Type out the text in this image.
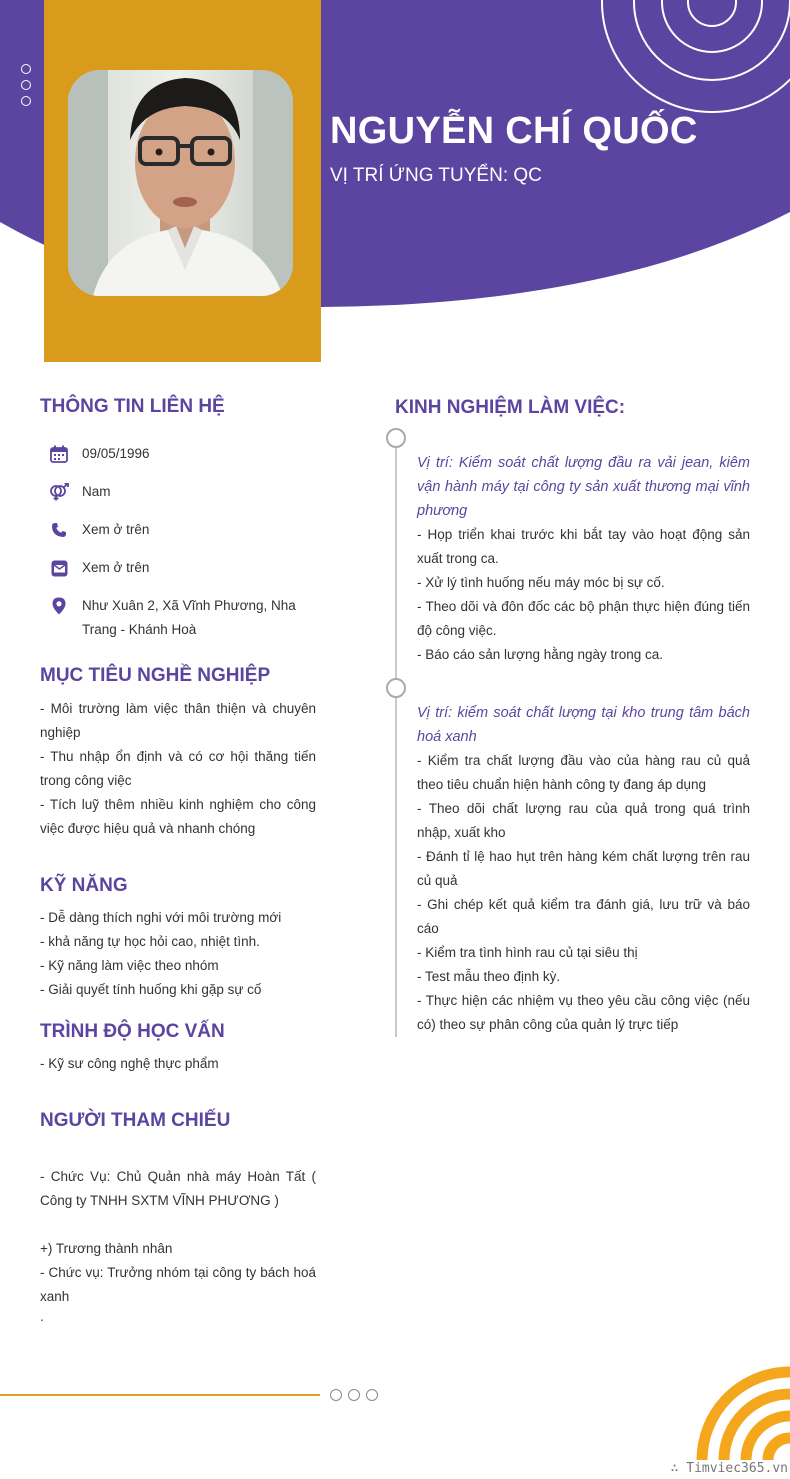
NGUYỄN CHÍ QUỐC

VỊ TRÍ ỨNG TUYỂN: QC

THÔNG TIN LIÊN HỆ
09/05/1996
Nam
Xem ở trên
Xem ở trên
Như Xuân 2, Xã Vĩnh Phương, Nha Trang - Khánh Hoà
MỤC TIÊU NGHỀ NGHIỆP

- Môi trường làm việc thân thiện và chuyên nghiệp

- Thu nhập ổn định và có cơ hội thăng tiến trong công việc

- Tích luỹ thêm nhiều kinh nghiệm cho công việc được hiệu quả và nhanh chóng

KỸ NĂNG

- Dễ dàng thích nghi với môi trường mới

- khả năng tự học hỏi cao, nhiệt tình.

- Kỹ năng làm việc theo nhóm

- Giải quyết tính huống khi gặp sự cố

TRÌNH ĐỘ HỌC VẤN

- Kỹ sư công nghệ thực phẩm

NGƯỜI THAM CHIẾU

- Chức Vụ: Chủ Quản nhà máy Hoàn Tất ( Công ty TNHH SXTM VĨNH PHƯƠNG )

+) Trương thành nhân

- Chức vụ: Trưởng nhóm tại công ty bách hoá xanh

.

KINH NGHIỆM LÀM VIỆC:

Vị trí: Kiểm soát chất lượng đầu ra vải jean, kiêm vận hành máy tại công ty sản xuất thương mại vĩnh phương

- Họp triển khai trước khi bắt tay vào hoạt động sản xuất trong ca.

- Xử lý tình huống nếu máy móc bị sự cố.

- Theo dõi và đôn đốc các bộ phận thực hiện đúng tiến độ công việc.

- Báo cáo sản lượng hằng ngày trong ca.

Vị trí: kiểm soát chất lượng tại kho trung tâm bách hoá xanh

- Kiểm tra chất lượng đầu vào của hàng rau củ quả theo tiêu chuẩn hiện hành công ty đang áp dụng

- Theo dõi chất lượng rau của quả trong quá trình nhập, xuất kho

- Đánh tỉ lệ hao hụt trên hàng kém chất lượng trên rau củ quả

- Ghi chép kết quả kiểm tra đánh giá, lưu trữ và báo cáo

- Kiểm tra tình hình rau củ tại siêu thị

- Test mẫu theo định kỳ.

- Thực hiện các nhiệm vụ theo yêu cầu công việc (nếu có) theo sự phân công của quản lý trực tiếp

∴ Timviec365.vn
